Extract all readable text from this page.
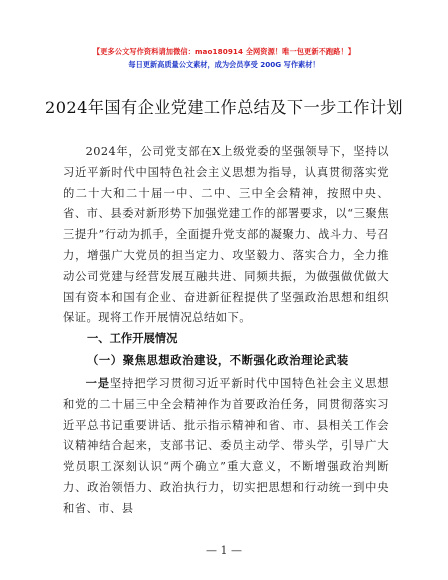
【更多公文写作资料请加微信：mao180914 全网资源！唯一包更新不跑路！】
每日更新高质量公文素材，成为会员享受 200G 写作素材！
2024年国有企业党建工作总结及下一步工作计划

2024年，公司党支部在X上级党委的坚强领导下，坚持以习近平新时代中国特色社会主义思想为指导，认真贯彻落实党的二十大和二十届一中、二中、三中全会精神，按照中央、省、市、县委对新形势下加强党建工作的部署要求，以“三聚焦三提升”行动为抓手，全面提升党支部的凝聚力、战斗力、号召力，增强广大党员的担当定力、攻坚毅力、落实合力，全力推动公司党建与经营发展互融共进、同频共振，为做强做优做大国有资本和国有企业、奋进新征程提供了坚强政治思想和组织保证。现将工作开展情况总结如下。

一、工作开展情况
（一）聚焦思想政治建设，不断强化政治理论武装

一是坚持把学习贯彻习近平新时代中国特色社会主义思想和党的二十届三中全会精神作为首要政治任务，同贯彻落实习近平总书记重要讲话、批示指示精神和省、市、县相关工作会议精神结合起来，支部书记、委员主动学、带头学，引导广大党员职工深刻认识“两个确立”重大意义，不断增强政治判断力、政治领悟力、政治执行力，切实把思想和行动统一到中央和省、市、县

— 1 —
